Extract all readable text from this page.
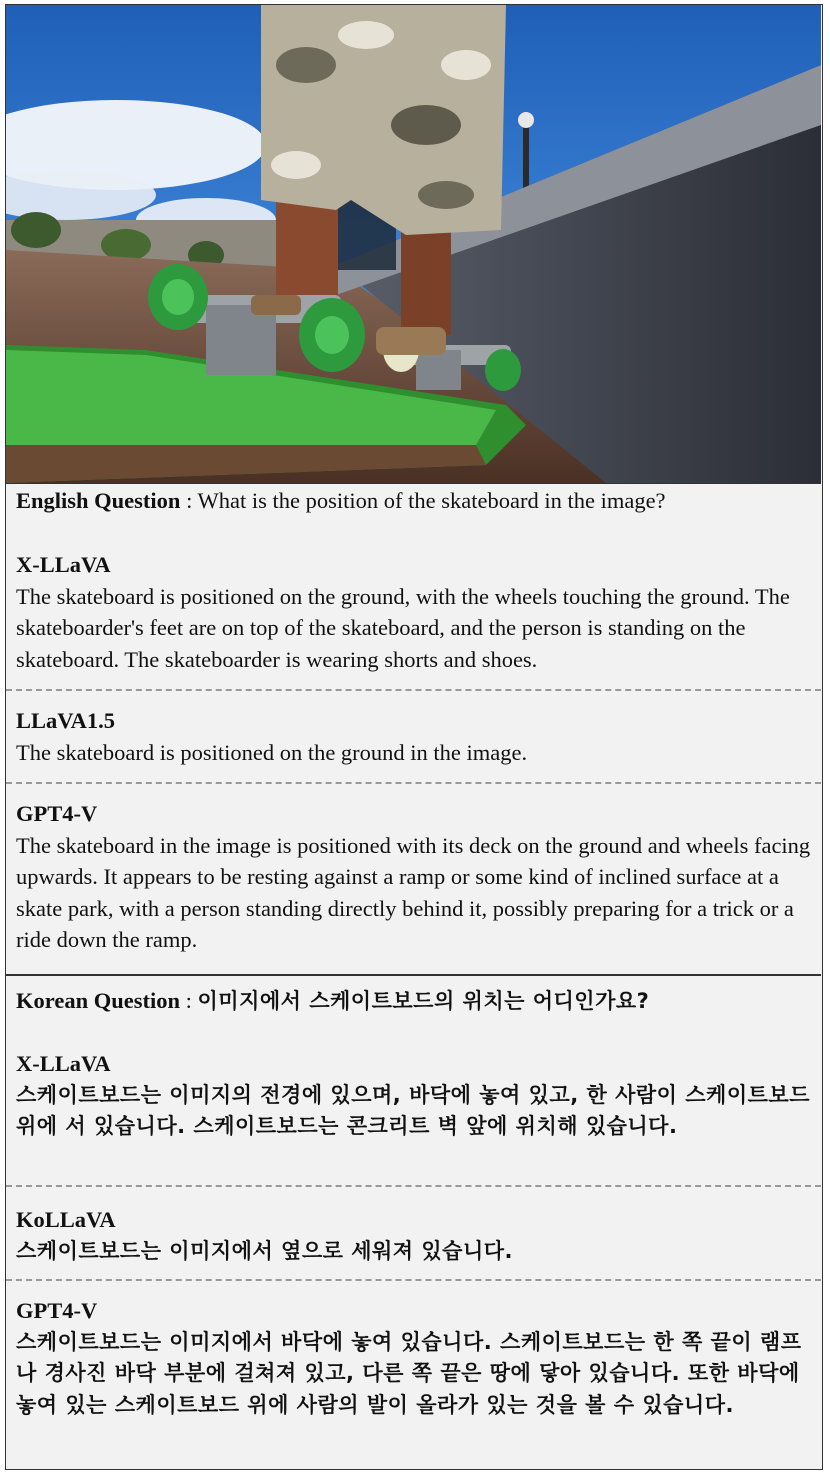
English Question : What is the position of the skateboard in the image?
X-LLaVA
The skateboard is positioned on the ground, with the wheels touching the ground. The skateboarder's feet are on top of the skateboard, and the person is standing on the skateboard. The skateboarder is wearing shorts and shoes.
LLaVA1.5
The skateboard is positioned on the ground in the image.
GPT4-V
The skateboard in the image is positioned with its deck on the ground and wheels facing upwards. It appears to be resting against a ramp or some kind of inclined surface at a skate park, with a person standing directly behind it, possibly preparing for a trick or a ride down the ramp.
Korean Question : 이미지에서 스케이트보드의 위치는 어디인가요?
X-LLaVA
스케이트보드는 이미지의 전경에 있으며, 바닥에 놓여 있고, 한 사람이 스케이트보드 위에 서 있습니다. 스케이트보드는 콘크리트 벽 앞에 위치해 있습니다.
KoLLaVA
스케이트보드는 이미지에서 옆으로 세워져 있습니다.
GPT4-V
스케이트보드는 이미지에서 바닥에 놓여 있습니다. 스케이트보드는 한 쪽 끝이 램프나 경사진 바닥 부분에 걸쳐져 있고, 다른 쪽 끝은 땅에 닿아 있습니다. 또한 바닥에 놓여 있는 스케이트보드 위에 사람의 발이 올라가 있는 것을 볼 수 있습니다.
